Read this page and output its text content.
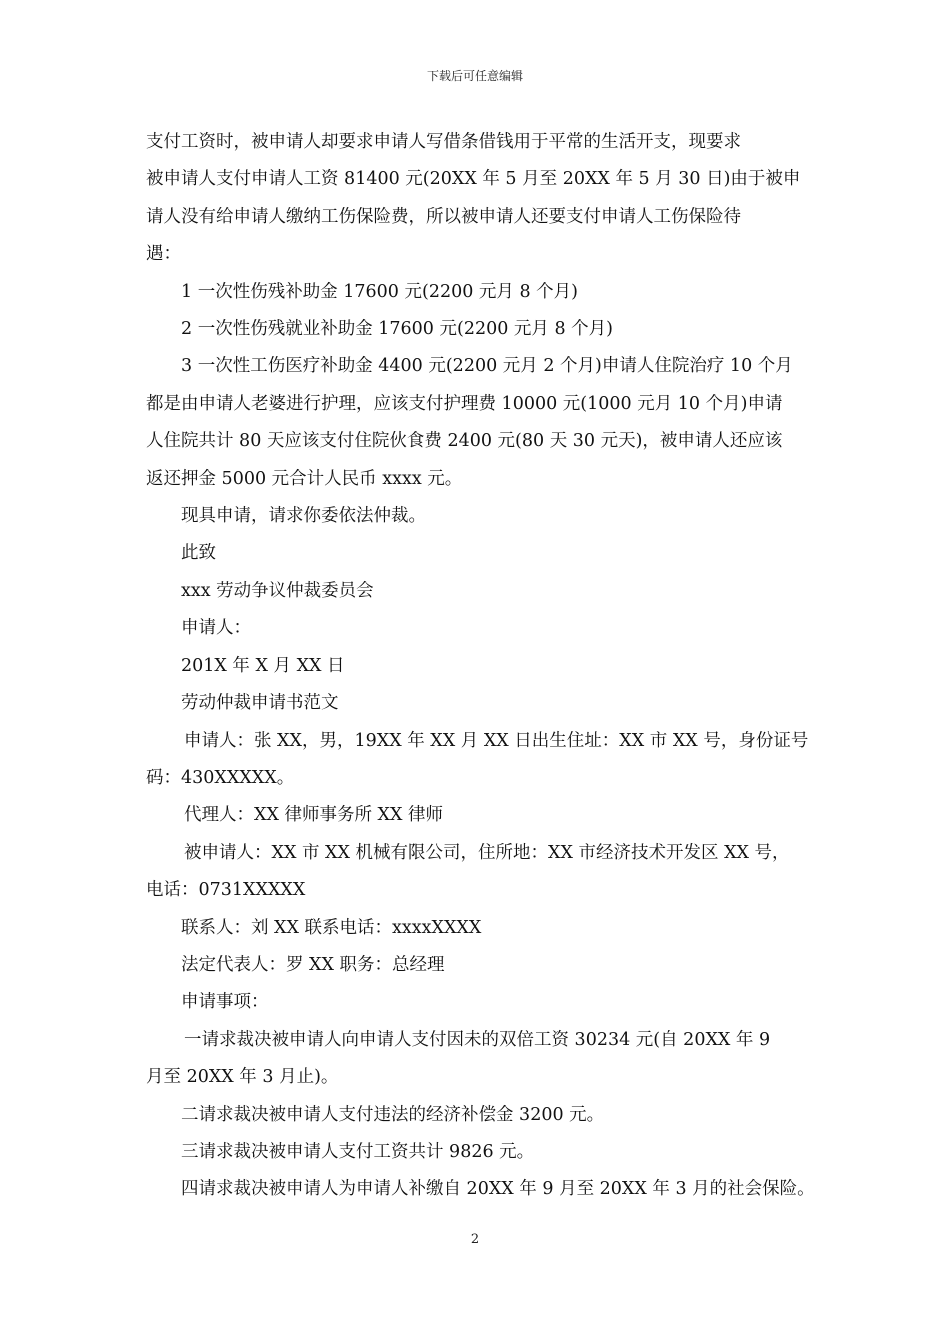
下载后可任意编辑

支付工资时，被申请人却要求申请人写借条借钱用于平常的生活开支，现要求

被申请人支付申请人工资 81400 元(20XX 年 5 月至 20XX 年 5 月 30 日)由于被申

请人没有给申请人缴纳工伤保险费，所以被申请人还要支付申请人工伤保险待

遇：

1 一次性伤残补助金 17600 元(2200 元月 8 个月)

2 一次性伤残就业补助金 17600 元(2200 元月 8 个月)

3 一次性工伤医疗补助金 4400 元(2200 元月 2 个月)申请人住院治疗 10 个月

都是由申请人老婆进行护理，应该支付护理费 10000 元(1000 元月 10 个月)申请

人住院共计 80 天应该支付住院伙食费 2400 元(80 天 30 元天)，被申请人还应该

返还押金 5000 元合计人民币 xxxx 元。

现具申请，请求你委依法仲裁。

此致

xxx 劳动争议仲裁委员会

申请人：

201X 年 X 月 XX 日

劳动仲裁申请书范文

申请人：张 XX，男，19XX 年 XX 月 XX 日出生住址：XX 市 XX 号，身份证号

码：430XXXXX。

代理人：XX 律师事务所 XX 律师

被申请人：XX 市 XX 机械有限公司，住所地：XX 市经济技术开发区 XX 号，

电话：0731XXXXX

联系人：刘 XX 联系电话：xxxxXXXX

法定代表人：罗 XX 职务：总经理

申请事项：

一请求裁决被申请人向申请人支付因未的双倍工资 30234 元(自 20XX 年 9

月至 20XX 年 3 月止)。

二请求裁决被申请人支付违法的经济补偿金 3200 元。

三请求裁决被申请人支付工资共计 9826 元。

四请求裁决被申请人为申请人补缴自 20XX 年 9 月至 20XX 年 3 月的社会保险。

2
